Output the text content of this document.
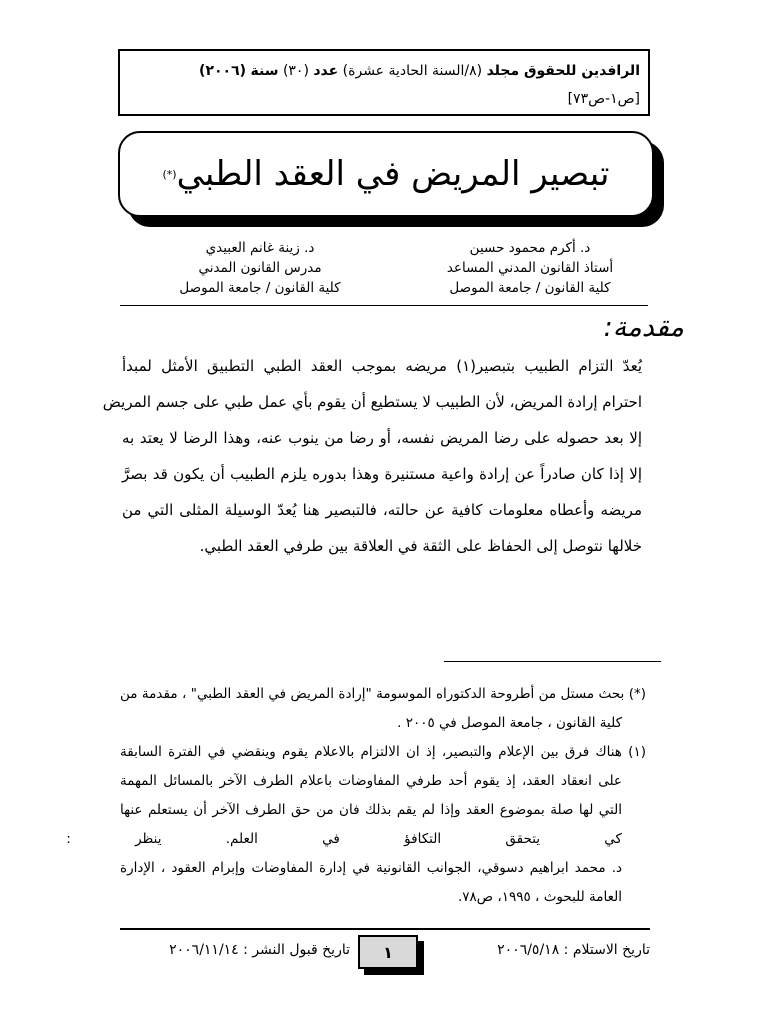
الرافدين للحقوق مجلد (٨/السنة الحادية عشرة) عدد (٣٠) سنة (٢٠٠٦)
[ص١-ص٧٣]
تبصير المريض في العقد الطبي
(*)
د. أكرم محمود حسين
أستاذ القانون المدني المساعد
كلية القانون / جامعة الموصل
د. زينة غانم العبيدي
مدرس القانون المدني
كلية القانون / جامعة الموصل
مقدمة:
يُعدّ التزام الطبيب بتبصير(١) مريضه بموجب العقد الطبي التطبيق الأمثل لمبدأ
احترام إرادة المريض، لأن الطبيب لا يستطيع أن يقوم بأي عمل طبي على جسم المريض
إلا بعد حصوله على رضا المريض نفسه، أو رضا من ينوب عنه، وهذا الرضا لا يعتد به
إلا إذا كان صادراً عن إرادة واعية مستنيرة وهذا بدوره يلزم الطبيب أن يكون قد بصرَّ
مريضه وأعطاه معلومات كافية عن حالته، فالتبصير هنا يُعدّ الوسيلة المثلى التي من
خلالها نتوصل إلى الحفاظ على الثقة في العلاقة بين طرفي العقد الطبي.
(*) بحث مستل من أطروحة الدكتوراه الموسومة "إرادة المريض في العقد الطبي" ، مقدمة من
كلية القانون ، جامعة الموصل في ٢٠٠٥ .
(١) هناك فرق بين الإعلام والتبصير، إذ ان الالتزام بالاعلام يقوم وينقضي في الفترة السابقة
على انعقاد العقد، إذ يقوم أحد طرفي المفاوضات باعلام الطرف الآخر بالمسائل المهمة
التي لها صلة بموضوع العقد وإذا لم يقم بذلك فان من حق الطرف الآخر أن يستعلم عنها
كي يتحقق التكافؤ في العلم. ينظر :
د. محمد ابراهيم دسوقي، الجوانب القانونية في إدارة المفاوضات وإبرام العقود ، الإدارة
العامة للبحوث ، ١٩٩٥، ص٧٨.
١	تاريخ الاستلام : ٢٠٠٦/٥/١٨
تاريخ قبول النشر : ٢٠٠٦/١١/١٤
